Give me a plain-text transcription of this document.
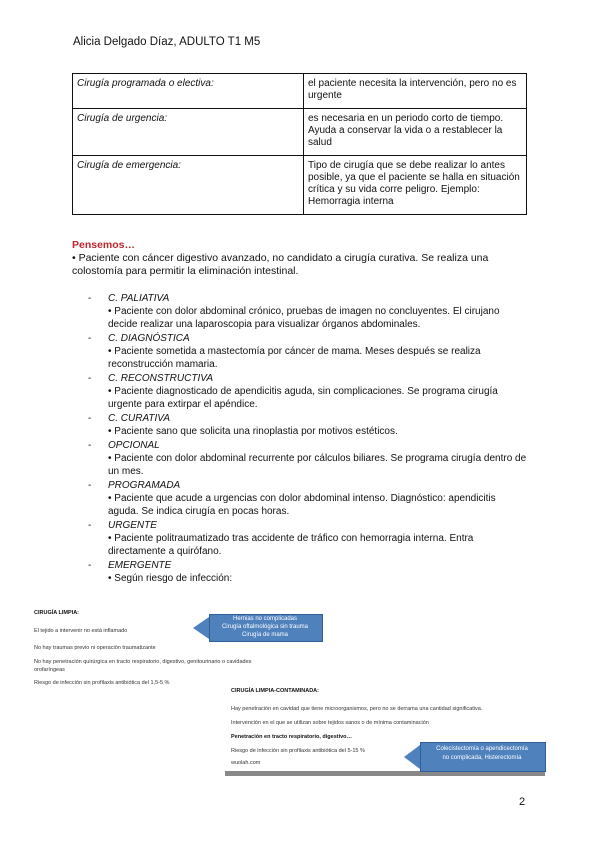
Alicia Delgado Díaz, ADULTO T1 M5
Cirugía programada o electiva:	el paciente necesita la intervención, pero no es urgente
Cirugía de urgencia:	es necesaria en un periodo corto de tiempo. Ayuda a conservar la vida o a restablecer la salud
Cirugía de emergencia:	Tipo de cirugía que se debe realizar lo antes posible, ya que el paciente se halla en situación crítica y su vida corre peligro. Ejemplo: Hemorragia interna
Pensemos…
• Paciente con cáncer digestivo avanzado, no candidato a cirugía curativa. Se realiza una colostomía para permitir la eliminación intestinal.
- C. PALIATIVA
• Paciente con dolor abdominal crónico, pruebas de imagen no concluyentes. El cirujano decide realizar una laparoscopia para visualizar órganos abdominales.
- C. DIAGNÓSTICA
• Paciente sometida a mastectomía por cáncer de mama. Meses después se realiza reconstrucción mamaria.
- C. RECONSTRUCTIVA
• Paciente diagnosticado de apendicitis aguda, sin complicaciones. Se programa cirugía urgente para extirpar el apéndice.
- C. CURATIVA
• Paciente sano que solicita una rinoplastia por motivos estéticos.
- OPCIONAL
• Paciente con dolor abdominal recurrente por cálculos biliares. Se programa cirugía dentro de un mes.
- PROGRAMADA
• Paciente que acude a urgencias con dolor abdominal intenso. Diagnóstico: apendicitis aguda. Se indica cirugía en pocas horas.
- URGENTE
• Paciente politraumatizado tras accidente de tráfico con hemorragia interna. Entra directamente a quirófano.
- EMERGENTE
• Según riesgo de infección:
CIRUGÍA LIMPIA:
El tejido a intervenir no está inflamado
No hay traumas previo ni operación traumatizante
No hay penetración quirúrgica en tracto respiratorio, digestivo, genitourinario o cavidades
orofaríngeas
Riesgo de infección sin profilaxis antibiótica del 1,5-5 %
Hernias no complicadas
Cirugía oftalmológica sin trauma
Cirugía de mama
CIRUGÍA LIMPIA-CONTAMINADA:
Hay penetración en cavidad que tiene microorganismos, pero no se derrama una cantidad significativa.
Intervención en el que se utilizan sobre tejidos sanos o de mínima contaminación
Penetración en tracto respiratorio, digestivo…
Riesgo de infección sin profilaxis antibiótica del 5-15 %
wuolah.com
Colecistectomía o apendicectomía
no complicada, Histerectomía
2
